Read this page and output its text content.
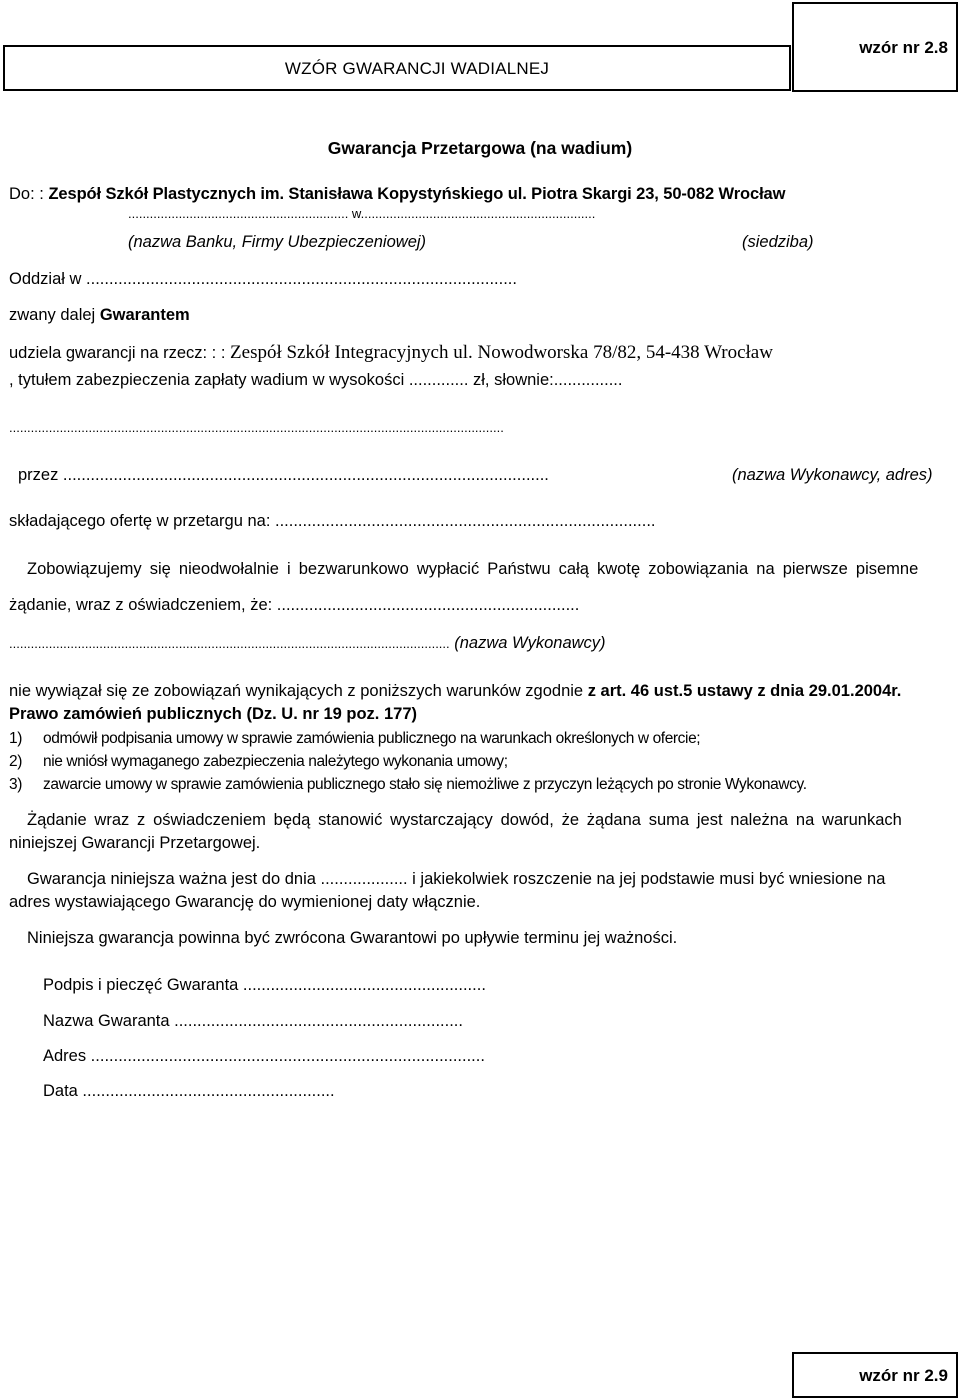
WZÓR GWARANCJI WADIALNEJ
wzór nr 2.8
Gwarancja Przetargowa (na wadium)
Do: : Zespół Szkół Plastycznych im. Stanisława Kopystyńskiego ul. Piotra Skargi 23, 50-082 Wrocław
............................................................. w.................................................................
(nazwa Banku, Firmy Ubezpieczeniowej)	(siedziba)
Oddział w ..............................................................................................
zwany dalej Gwarantem
udziela gwarancji na rzecz: : : Zespół Szkół Integracyjnych ul. Nowodworska 78/82, 54-438 Wrocław
, tytułem zabezpieczenia zapłaty wadium w wysokości ............. zł, słownie:...............
.........................................................................................................................................
przez ..........................................................................................................	(nazwa Wykonawcy, adres)
składającego ofertę w przetargu na: ...................................................................................
Zobowiązujemy się nieodwołalnie i bezwarunkowo wypłacić Państwu całą kwotę zobowiązania na pierwsze pisemne
żądanie, wraz z oświadczeniem, że: ..................................................................
.......................................................................................................................... (nazwa Wykonawcy)
nie wywiązał się ze zobowiązań wynikających z poniższych warunków zgodnie z art. 46 ust.5 ustawy z dnia 29.01.2004r.
Prawo zamówień publicznych (Dz. U. nr 19 poz. 177)
1) odmówił podpisania umowy w sprawie zamówienia publicznego na warunkach określonych w ofercie;
2) nie wniósł wymaganego zabezpieczenia należytego wykonania umowy;
3) zawarcie umowy w sprawie zamówienia publicznego stało się niemożliwe z przyczyn leżących po stronie Wykonawcy.
Żądanie wraz z oświadczeniem będą stanowić wystarczający dowód, że żądana suma jest należna na warunkach
niniejszej Gwarancji Przetargowej.
Gwarancja niniejsza ważna jest do dnia ................... i jakiekolwiek roszczenie na jej podstawie musi być wniesione na
adres wystawiającego Gwarancję do wymienionej daty włącznie.
Niniejsza gwarancja powinna być zwrócona Gwarantowi po upływie terminu jej ważności.
Podpis i pieczęć Gwaranta .....................................................
Nazwa Gwaranta ...............................................................
Adres ......................................................................................
Data .......................................................
wzór nr 2.9
